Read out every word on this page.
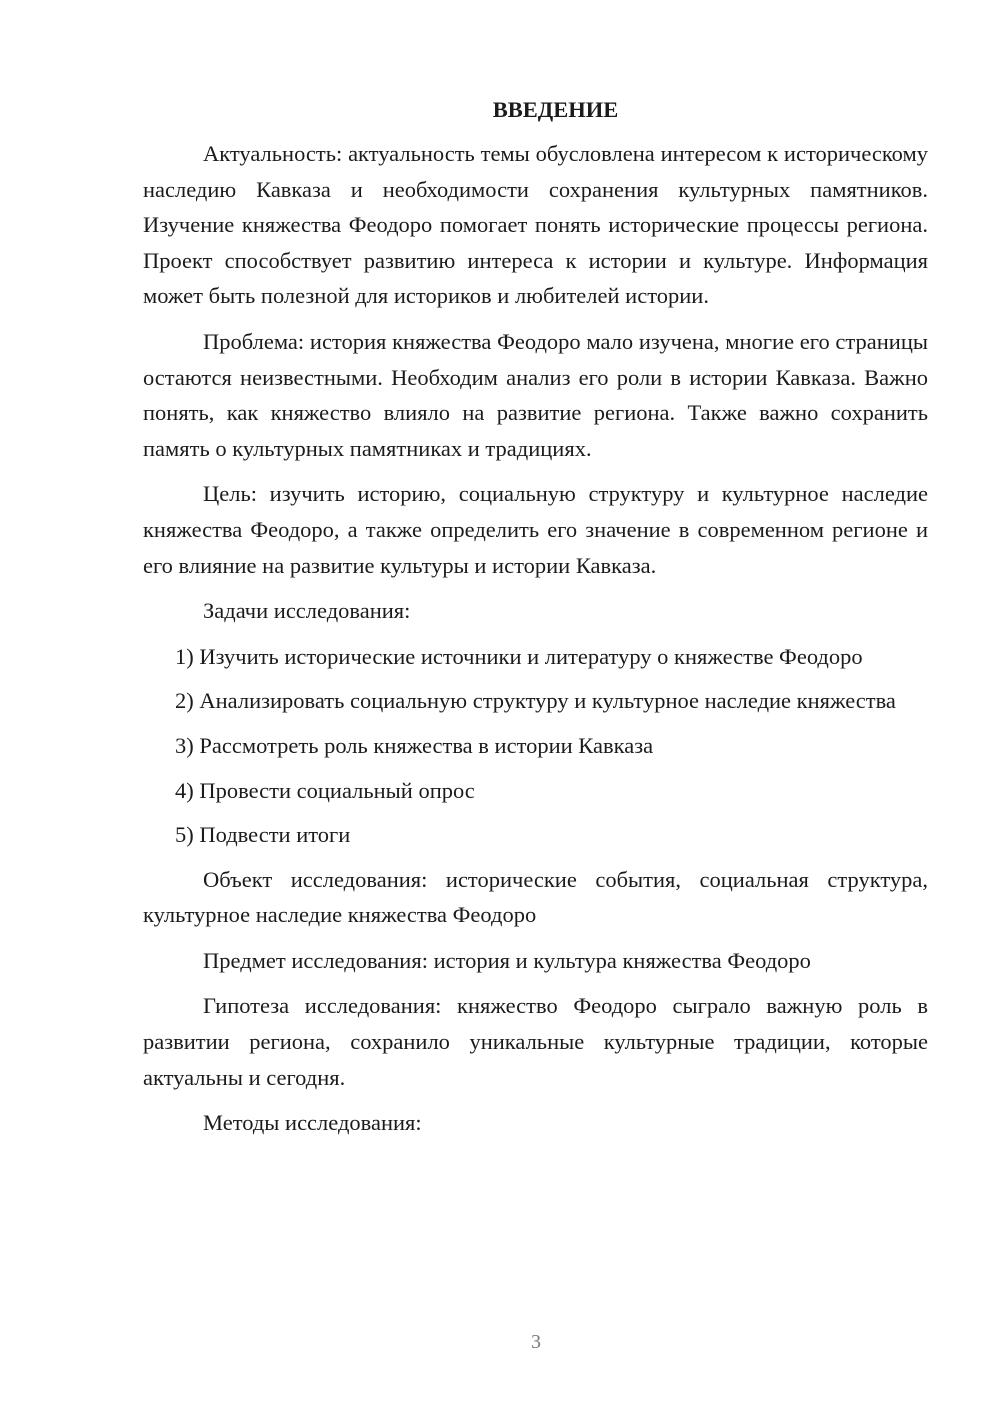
ВВЕДЕНИЕ

Актуальность: актуальность темы обусловлена интересом к историческому наследию Кавказа и необходимости сохранения культурных памятников. Изучение княжества Феодоро помогает понять исторические процессы региона. Проект способствует развитию интереса к истории и культуре. Информация может быть полезной для историков и любителей истории.

Проблема: история княжества Феодоро мало изучена, многие его страницы остаются неизвестными. Необходим анализ его роли в истории Кавказа. Важно понять, как княжество влияло на развитие региона. Также важно сохранить память о культурных памятниках и традициях.

Цель: изучить историю, социальную структуру и культурное наследие княжества Феодоро, а также определить его значение в современном регионе и его влияние на развитие культуры и истории Кавказа.

Задачи исследования:

1) Изучить исторические источники и литературу о княжестве Феодоро

2) Анализировать социальную структуру и культурное наследие княжества

3) Рассмотреть роль княжества в истории Кавказа

4) Провести социальный опрос

5) Подвести итоги

Объект исследования: исторические события, социальная структура, культурное наследие княжества Феодоро

Предмет исследования: история и культура княжества Феодоро

Гипотеза исследования: княжество Феодоро сыграло важную роль в развитии региона, сохранило уникальные культурные традиции, которые актуальны и сегодня.

Методы исследования:

3
